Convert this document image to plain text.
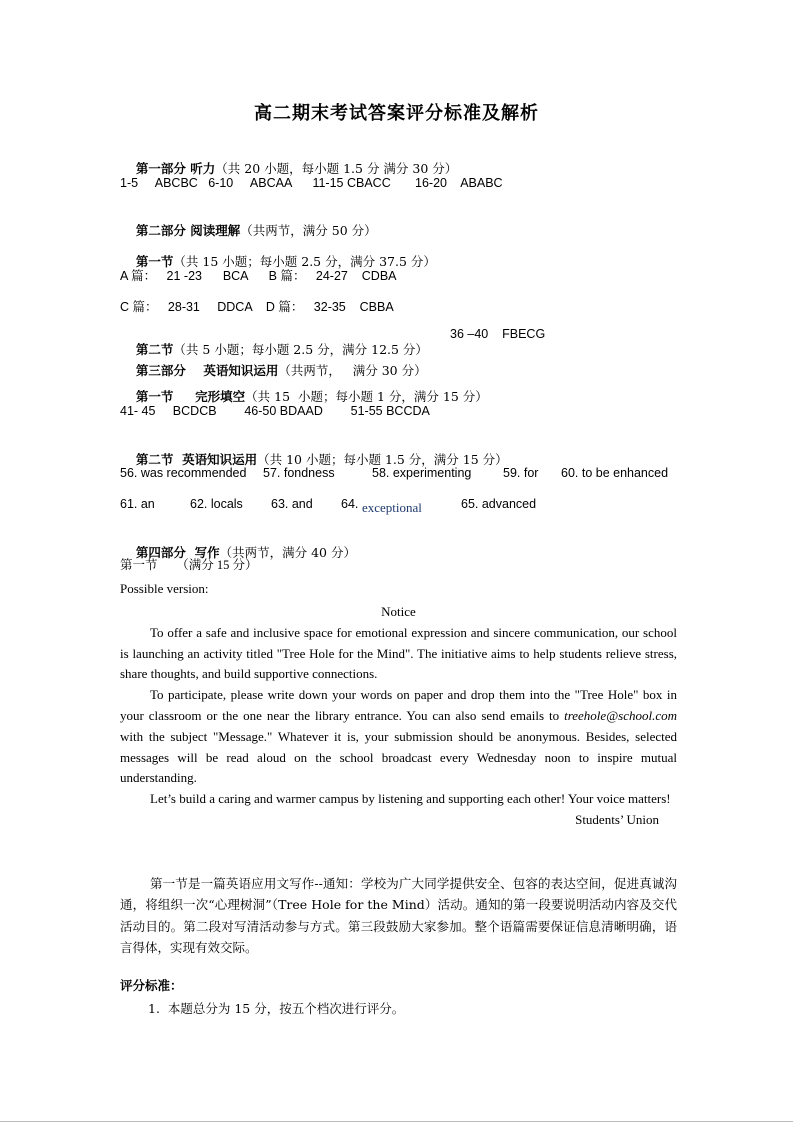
高二期末考试答案评分标准及解析

第一部分 听力（共 20 小题，每小题 1.5 分 满分 30 分）

1-5     ABCBC   6-10     ABCAA      11-15 CBACC       16-20    ABABC

第二部分 阅读理解（共两节，满分 50 分）

第一节（共 15 小题；每小题 2.5 分，满分 37.5 分）

A 篇：   21 -23      BCA      B 篇：   24-27    CDBA
C 篇：   28-31     DDCA    D 篇：   32-35    CBBA

第二节（共 5 小题；每小题 2.5 分，满分 12.5 分）

36 –40    FBECG

第三部分    英语知识运用（共两节，   满分 30 分）

第一节     完形填空（共 15  小题；每小题 1 分，满分 15 分）

41- 45     BCDCB        46-50 BDAAD        51-55 BCCDA

第二节  英语知识运用（共 10 小题；每小题 1.5 分，满分 15 分）

56. was recommended 57. fondness	58. experimenting	59. for 60. to be enhanced
61. an	62. locals 63. and 64. exceptional	65. advanced

第四部分  写作（共两节，满分 40 分）

第一节      （满分 15 分）
Possible version:

Notice

To offer a safe and inclusive space for emotional expression and sincere communication, our school is launching an activity titled "Tree Hole for the Mind". The initiative aims to help students relieve stress, share thoughts, and build supportive connections.

To participate, please write down your words on paper and drop them into the "Tree Hole" box in your classroom or the one near the library entrance. You can also send emails to treehole@school.com with the subject "Message." Whatever it is, your submission should be anonymous. Besides, selected messages will be read aloud on the school broadcast every Wednesday noon to inspire mutual understanding.

Let’s build a caring and warmer campus by listening and supporting each other! Your voice matters!

Students’ Union

第一节是一篇英语应用文写作--通知：学校为广大同学提供安全、包容的表达空间，促进真诚沟通，将组织一次“心理树洞”（Tree Hole for the Mind）活动。通知的第一段要说明活动内容及交代活动目的。第二段对写清活动参与方式。第三段鼓励大家参加。整个语篇需要保证信息清晰明确，语言得体，实现有效交际。
评分标准：
1.  本题总分为 15 分，按五个档次进行评分。
